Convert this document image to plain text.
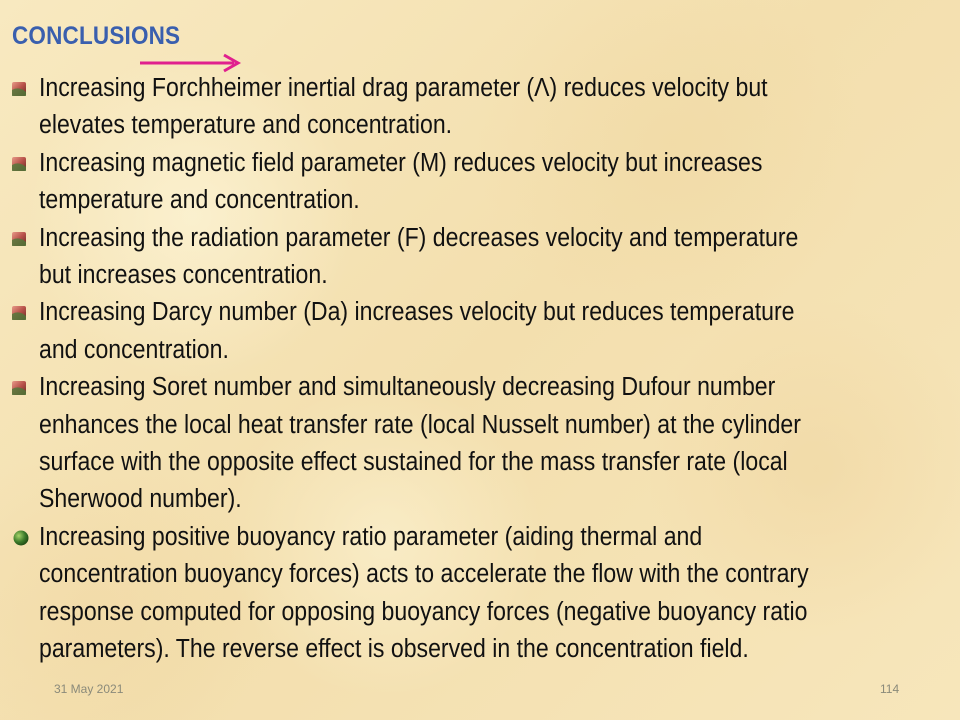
CONCLUSIONS
Increasing Forchheimer inertial drag parameter (Λ) reduces velocity but
elevates temperature and concentration.
Increasing magnetic field parameter (M) reduces velocity but increases
temperature and concentration.
Increasing the radiation parameter (F) decreases velocity and temperature
but increases concentration.
Increasing Darcy number (Da) increases velocity but reduces temperature
and concentration.
Increasing Soret number and simultaneously decreasing Dufour number
enhances the local heat transfer rate (local Nusselt number) at the cylinder
surface with the opposite effect sustained for the mass transfer rate (local
Sherwood number).
Increasing positive buoyancy ratio parameter (aiding thermal and
concentration buoyancy forces) acts to accelerate the flow with the contrary
response computed for opposing buoyancy forces (negative buoyancy ratio
parameters). The reverse effect is observed in the concentration field.
31 May 2021	114
